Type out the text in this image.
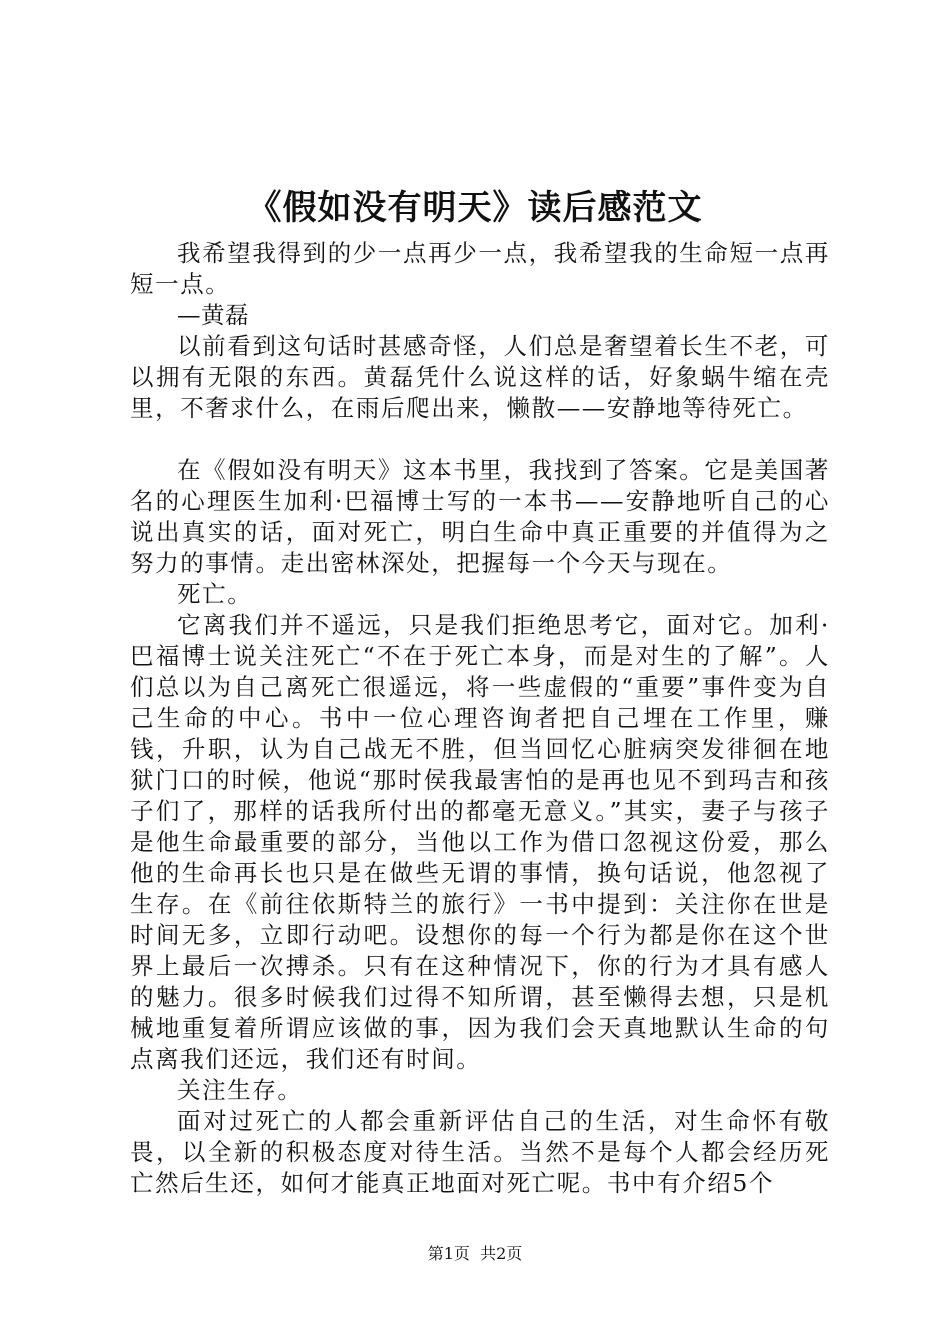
《假如没有明天》读后感范文

我希望我得到的少一点再少一点，我希望我的生命短一点再短一点。

—黄磊

以前看到这句话时甚感奇怪，人们总是奢望着长生不老，可以拥有无限的东西。黄磊凭什么说这样的话，好象蜗牛缩在壳里，不奢求什么，在雨后爬出来，懒散——安静地等待死亡。

在《假如没有明天》这本书里，我找到了答案。它是美国著名的心理医生加利·巴福博士写的一本书——安静地听自己的心说出真实的话，面对死亡，明白生命中真正重要的并值得为之努力的事情。走出密林深处，把握每一个今天与现在。

死亡。

它离我们并不遥远，只是我们拒绝思考它，面对它。加利·巴福博士说关注死亡“不在于死亡本身，而是对生的了解”。人们总以为自己离死亡很遥远，将一些虚假的“重要”事件变为自己生命的中心。书中一位心理咨询者把自己埋在工作里，赚钱，升职，认为自己战无不胜，但当回忆心脏病突发徘徊在地狱门口的时候，他说“那时侯我最害怕的是再也见不到玛吉和孩子们了，那样的话我所付出的都毫无意义。”其实，妻子与孩子是他生命最重要的部分，当他以工作为借口忽视这份爱，那么他的生命再长也只是在做些无谓的事情，换句话说，他忽视了生存。在《前往依斯特兰的旅行》一书中提到：关注你在世是时间无多，立即行动吧。设想你的每一个行为都是你在这个世界上最后一次搏杀。只有在这种情况下，你的行为才具有感人的魅力。很多时候我们过得不知所谓，甚至懒得去想，只是机械地重复着所谓应该做的事，因为我们会天真地默认生命的句点离我们还远，我们还有时间。

关注生存。

面对过死亡的人都会重新评估自己的生活，对生命怀有敬畏，以全新的积极态度对待生活。当然不是每个人都会经历死亡然后生还，如何才能真正地面对死亡呢。书中有介绍5个

第1页 共2页
